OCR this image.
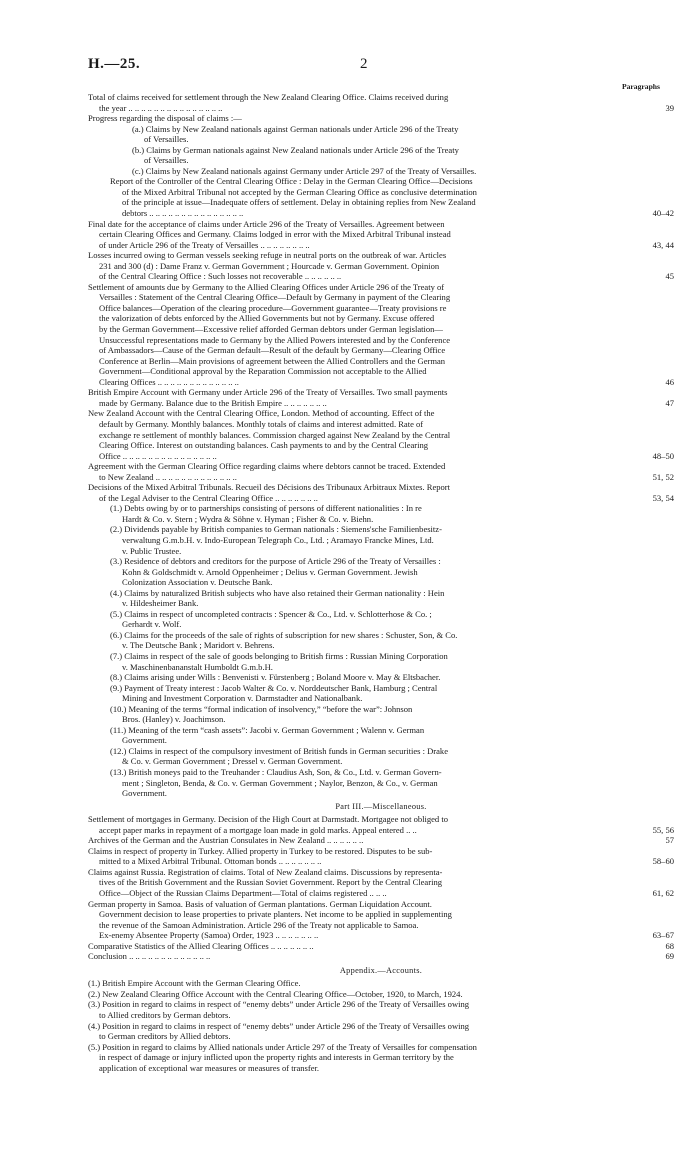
H.—25.	2
Paragraphs
Total of claims received for settlement through the New Zealand Clearing Office. Claims received during
the year .. .. .. .. .. .. .. .. .. .. .. .. .. .. ..	39
Progress regarding the disposal of claims :—
(a.) Claims by New Zealand nationals against German nationals under Article 296 of the Treaty
of Versailles.
(b.) Claims by German nationals against New Zealand nationals under Article 296 of the Treaty
of Versailles.
(c.) Claims by New Zealand nationals against Germany under Article 297 of the Treaty of Versailles.
Report of the Controller of the Central Clearing Office : Delay in the German Clearing Office—Decisions
of the Mixed Arbitral Tribunal not accepted by the German Clearing Office as conclusive determination
of the principle at issue—Inadequate offers of settlement. Delay in obtaining replies from New Zealand
debtors .. .. .. .. .. .. .. .. .. .. .. .. .. .. ..	40–42
Final date for the acceptance of claims under Article 296 of the Treaty of Versailles. Agreement between
certain Clearing Offices and Germany. Claims lodged in error with the Mixed Arbitral Tribunal instead
of under Article 296 of the Treaty of Versailles .. .. .. .. .. .. .. ..	43, 44
Losses incurred owing to German vessels seeking refuge in neutral ports on the outbreak of war. Articles
231 and 300 (d) : Dame Franz v. German Government ; Hourcade v. German Government. Opinion
of the Central Clearing Office : Such losses not recoverable .. .. .. .. .. ..	45
Settlement of amounts due by Germany to the Allied Clearing Offices under Article 296 of the Treaty of
Versailles : Statement of the Central Clearing Office—Default by Germany in payment of the Clearing
Office balances—Operation of the clearing procedure—Government guarantee—Treaty provisions re
the valorization of debts enforced by the Allied Governments but not by Germany. Excuse offered
by the German Government—Excessive relief afforded German debtors under German legislation—
Unsuccessful representations made to Germany by the Allied Powers interested and by the Conference
of Ambassadors—Cause of the German default—Result of the default by Germany—Clearing Office
Conference at Berlin—Main provisions of agreement between the Allied Controllers and the German
Government—Conditional approval by the Reparation Commission not acceptable to the Allied
Clearing Offices .. .. .. .. .. .. .. .. .. .. .. .. ..	46
British Empire Account with Germany under Article 296 of the Treaty of Versailles. Two small payments
made by Germany. Balance due to the British Empire .. .. .. .. .. .. ..	47
New Zealand Account with the Central Clearing Office, London. Method of accounting. Effect of the
default by Germany. Monthly balances. Monthly totals of claims and interest admitted. Rate of
exchange re settlement of monthly balances. Commission charged against New Zealand by the Central
Clearing Office. Interest on outstanding balances. Cash payments to and by the Central Clearing
Office .. .. .. .. .. .. .. .. .. .. .. .. .. .. ..	48–50
Agreement with the German Clearing Office regarding claims where debtors cannot be traced. Extended
to New Zealand .. .. .. .. .. .. .. .. .. .. .. .. ..	51, 52
Decisions of the Mixed Arbitral Tribunals. Recueil des Décisions des Tribunaux Arbitraux Mixtes. Report
of the Legal Adviser to the Central Clearing Office .. .. .. .. .. .. ..	53, 54
(1.) Debts owing by or to partnerships consisting of persons of different nationalities : In re
Hardt & Co. v. Stern ; Wydra & Söhne v. Hyman ; Fisher & Co. v. Biehn.
(2.) Dividends payable by British companies to German nationals : Siemens'sche Familienbesitz-
verwaltung G.m.b.H. v. Indo-European Telegraph Co., Ltd. ; Aramayo Francke Mines, Ltd.
v. Public Trustee.
(3.) Residence of debtors and creditors for the purpose of Article 296 of the Treaty of Versailles :
Kohn & Goldschmidt v. Arnold Oppenheimer ; Delius v. German Government. Jewish
Colonization Association v. Deutsche Bank.
(4.) Claims by naturalized British subjects who have also retained their German nationality : Hein
v. Hildesheimer Bank.
(5.) Claims in respect of uncompleted contracts : Spencer & Co., Ltd. v. Schlotterhose & Co. ;
Gerhardt v. Wolf.
(6.) Claims for the proceeds of the sale of rights of subscription for new shares : Schuster, Son, & Co.
v. The Deutsche Bank ; Maridort v. Behrens.
(7.) Claims in respect of the sale of goods belonging to British firms : Russian Mining Corporation
v. Maschinenbananstalt Humboldt G.m.b.H.
(8.) Claims arising under Wills : Benvenisti v. Fürstenberg ; Boland Moore v. May & Eltsbacher.
(9.) Payment of Treaty interest : Jacob Walter & Co. v. Norddeutscher Bank, Hamburg ; Central
Mining and Investment Corporation v. Darmstadter and Nationalbank.
(10.) Meaning of the terms “formal indication of insolvency,” “before the war”: Johnson
Bros. (Hanley) v. Joachimson.
(11.) Meaning of the term “cash assets”: Jacobi v. German Government ; Walenn v. German
Government.
(12.) Claims in respect of the compulsory investment of British funds in German securities : Drake
& Co. v. German Government ; Dressel v. German Government.
(13.) British moneys paid to the Treuhander : Claudius Ash, Son, & Co., Ltd. v. German Govern-
ment ; Singleton, Benda, & Co. v. German Government ; Naylor, Benzon, & Co., v. German
Government.
Part III.—Miscellaneous.
Settlement of mortgages in Germany. Decision of the High Court at Darmstadt. Mortgagee not obliged to
accept paper marks in repayment of a mortgage loan made in gold marks. Appeal entered .. ..	55, 56
Archives of the German and the Austrian Consulates in New Zealand .. .. .. .. .. ..	57
Claims in respect of property in Turkey. Allied property in Turkey to be restored. Disputes to be sub-
mitted to a Mixed Arbitral Tribunal. Ottoman bonds .. .. .. .. .. .. ..	58–60
Claims against Russia. Registration of claims. Total of New Zealand claims. Discussions by representa-
tives of the British Government and the Russian Soviet Government. Report by the Central Clearing
Office—Object of the Russian Claims Department—Total of claims registered .. .. ..	61, 62
German property in Samoa. Basis of valuation of German plantations. German Liquidation Account.
Government decision to lease properties to private planters. Net income to be applied in supplementing
the revenue of the Samoan Administration. Article 296 of the Treaty not applicable to Samoa.
Ex-enemy Absentee Property (Samoa) Order, 1923 .. .. .. .. .. .. ..	63–67
Comparative Statistics of the Allied Clearing Offices .. .. .. .. .. .. ..	68
Conclusion .. .. .. .. .. .. .. .. .. .. .. .. ..	69
Appendix.—Accounts.
(1.) British Empire Account with the German Clearing Office.
(2.) New Zealand Clearing Office Account with the Central Clearing Office—October, 1920, to March, 1924.
(3.) Position in regard to claims in respect of “enemy debts” under Article 296 of the Treaty of Versailles owing
to Allied creditors by German debtors.
(4.) Position in regard to claims in respect of “enemy debts” under Article 296 of the Treaty of Versailles owing
to German creditors by Allied debtors.
(5.) Position in regard to claims by Allied nationals under Article 297 of the Treaty of Versailles for compensation
in respect of damage or injury inflicted upon the property rights and interests in German territory by the
application of exceptional war measures or measures of transfer.
